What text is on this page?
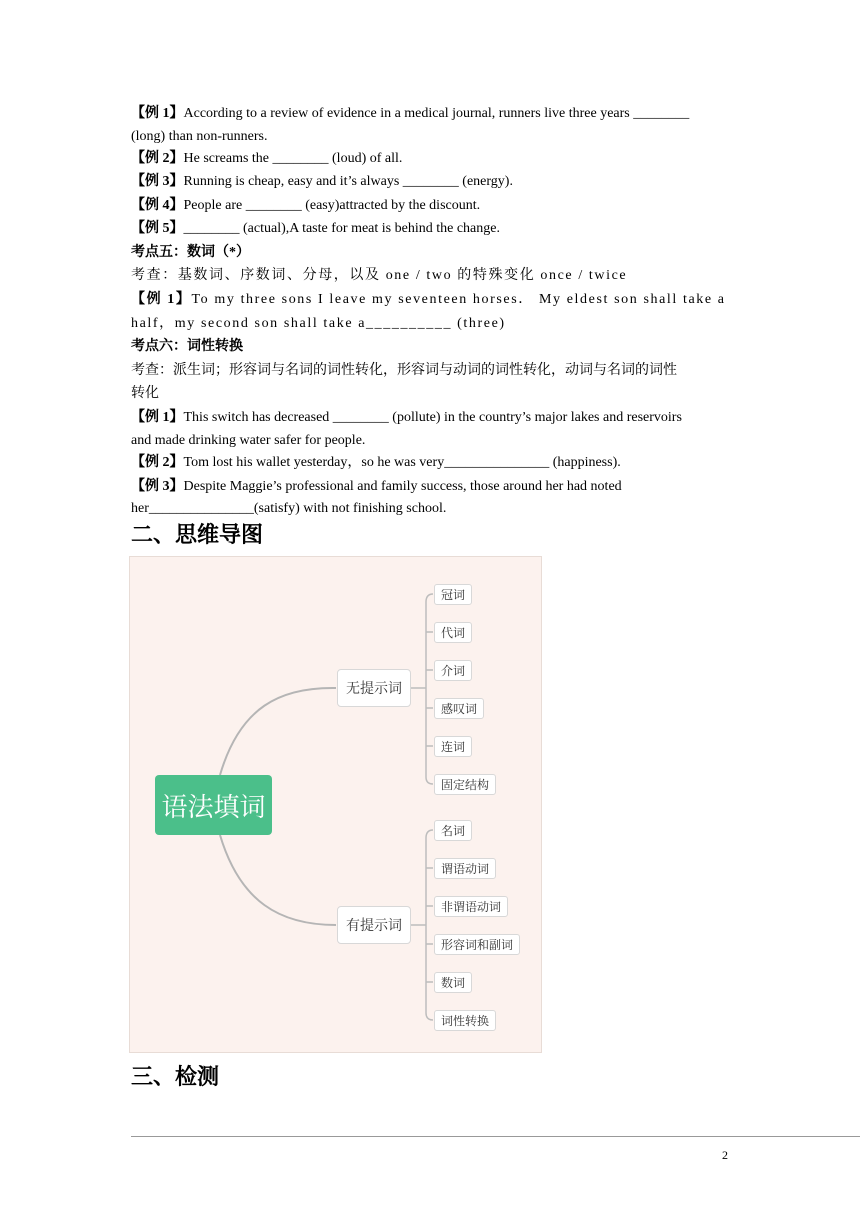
【例 1】According to a review of evidence in a medical journal, runners live three years ________
(long) than non-runners.
【例 2】He screams the ________ (loud) of all.
【例 3】Running is cheap, easy and it’s always ________ (energy).
【例 4】People are ________ (easy)attracted by the discount.
【例 5】________ (actual),A taste for meat is behind the change.
考点五：数词（*）
考查：基数词、序数词、分母，以及 one / two 的特殊变化 once / twice
【例 1】To my three sons I leave my seventeen horses． My eldest son shall take a
half，my second son shall take a__________ (three)
考点六：词性转换
考查：派生词；形容词与名词的词性转化，形容词与动词的词性转化，动词与名词的词性
转化
【例 1】This switch has decreased ________ (pollute) in the country’s major lakes and reservoirs
and made drinking water safer for people.
【例 2】Tom lost his wallet yesterday，so he was very_______________ (happiness).
【例 3】Despite Maggie’s professional and family success, those around her had noted
her_______________(satisfy) with not finishing school.
二、思维导图
语法填词
无提示词
有提示词
冠词
代词
介词
感叹词
连词
固定结构
名词
谓语动词
非谓语动词
形容词和副词
数词
词性转换
三、检测
2
